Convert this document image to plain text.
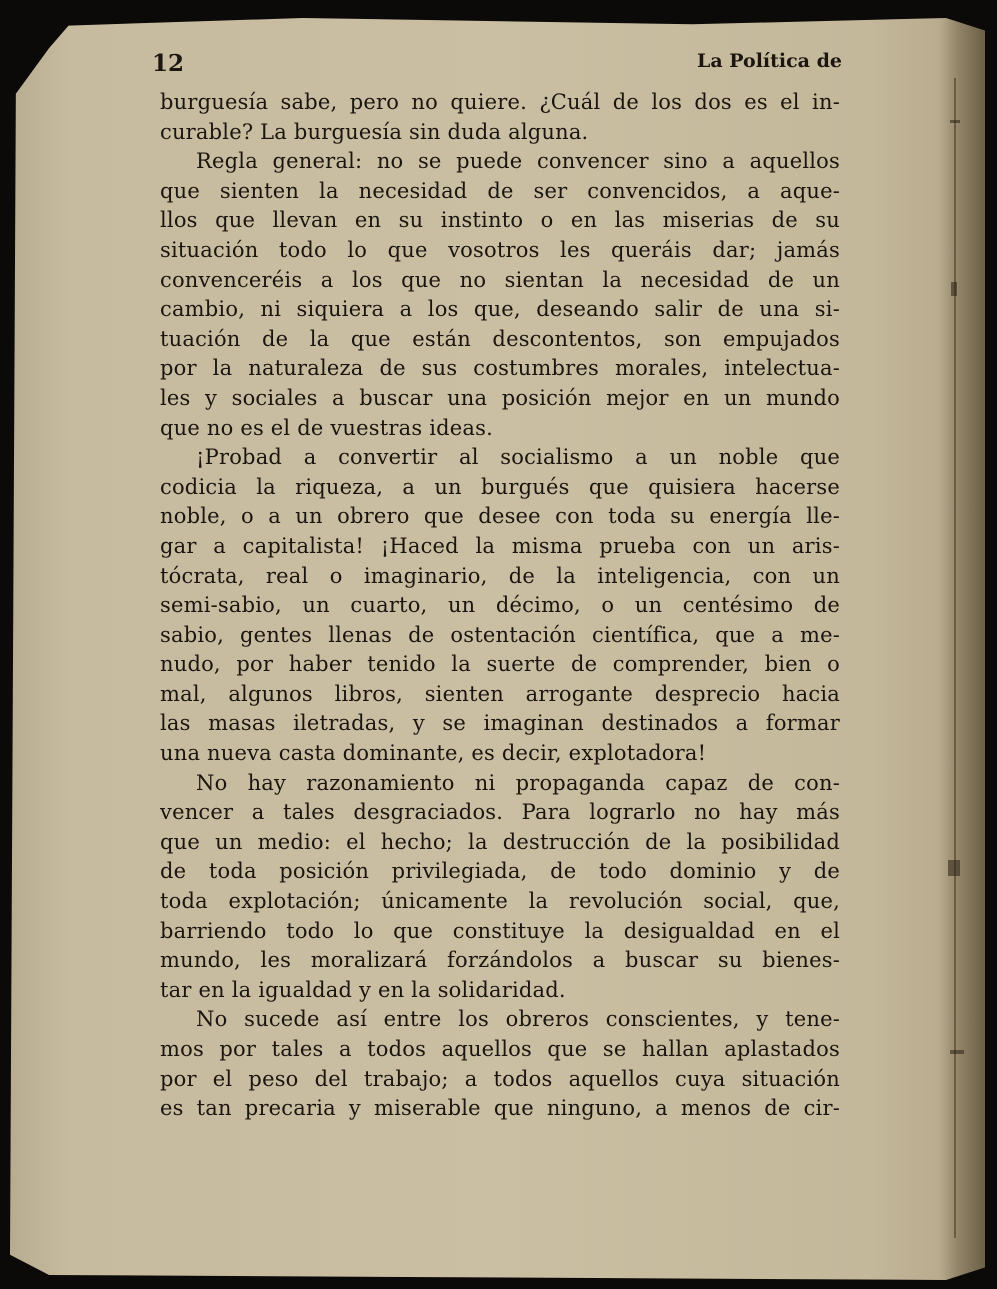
12	La Política de
burguesía sabe, pero no quiere. ¿Cuál de los dos es el in-
curable? La burguesía sin duda alguna.
Regla general: no se puede convencer sino a aquellos
que sienten la necesidad de ser convencidos, a aque-
llos que llevan en su instinto o en las miserias de su
situación todo lo que vosotros les queráis dar; jamás
convenceréis a los que no sientan la necesidad de un
cambio, ni siquiera a los que, deseando salir de una si-
tuación de la que están descontentos, son empujados
por la naturaleza de sus costumbres morales, intelectua-
les y sociales a buscar una posición mejor en un mundo
que no es el de vuestras ideas.
¡Probad a convertir al socialismo a un noble que
codicia la riqueza, a un burgués que quisiera hacerse
noble, o a un obrero que desee con toda su energía lle-
gar a capitalista! ¡Haced la misma prueba con un aris-
tócrata, real o imaginario, de la inteligencia, con un
semi-sabio, un cuarto, un décimo, o un centésimo de
sabio, gentes llenas de ostentación científica, que a me-
nudo, por haber tenido la suerte de comprender, bien o
mal, algunos libros, sienten arrogante desprecio hacia
las masas iletradas, y se imaginan destinados a formar
una nueva casta dominante, es decir, explotadora!
No hay razonamiento ni propaganda capaz de con-
vencer a tales desgraciados. Para lograrlo no hay más
que un medio: el hecho; la destrucción de la posibilidad
de toda posición privilegiada, de todo dominio y de
toda explotación; únicamente la revolución social, que,
barriendo todo lo que constituye la desigualdad en el
mundo, les moralizará forzándolos a buscar su bienes-
tar en la igualdad y en la solidaridad.
No sucede así entre los obreros conscientes, y tene-
mos por tales a todos aquellos que se hallan aplastados
por el peso del trabajo; a todos aquellos cuya situación
es tan precaria y miserable que ninguno, a menos de cir-
